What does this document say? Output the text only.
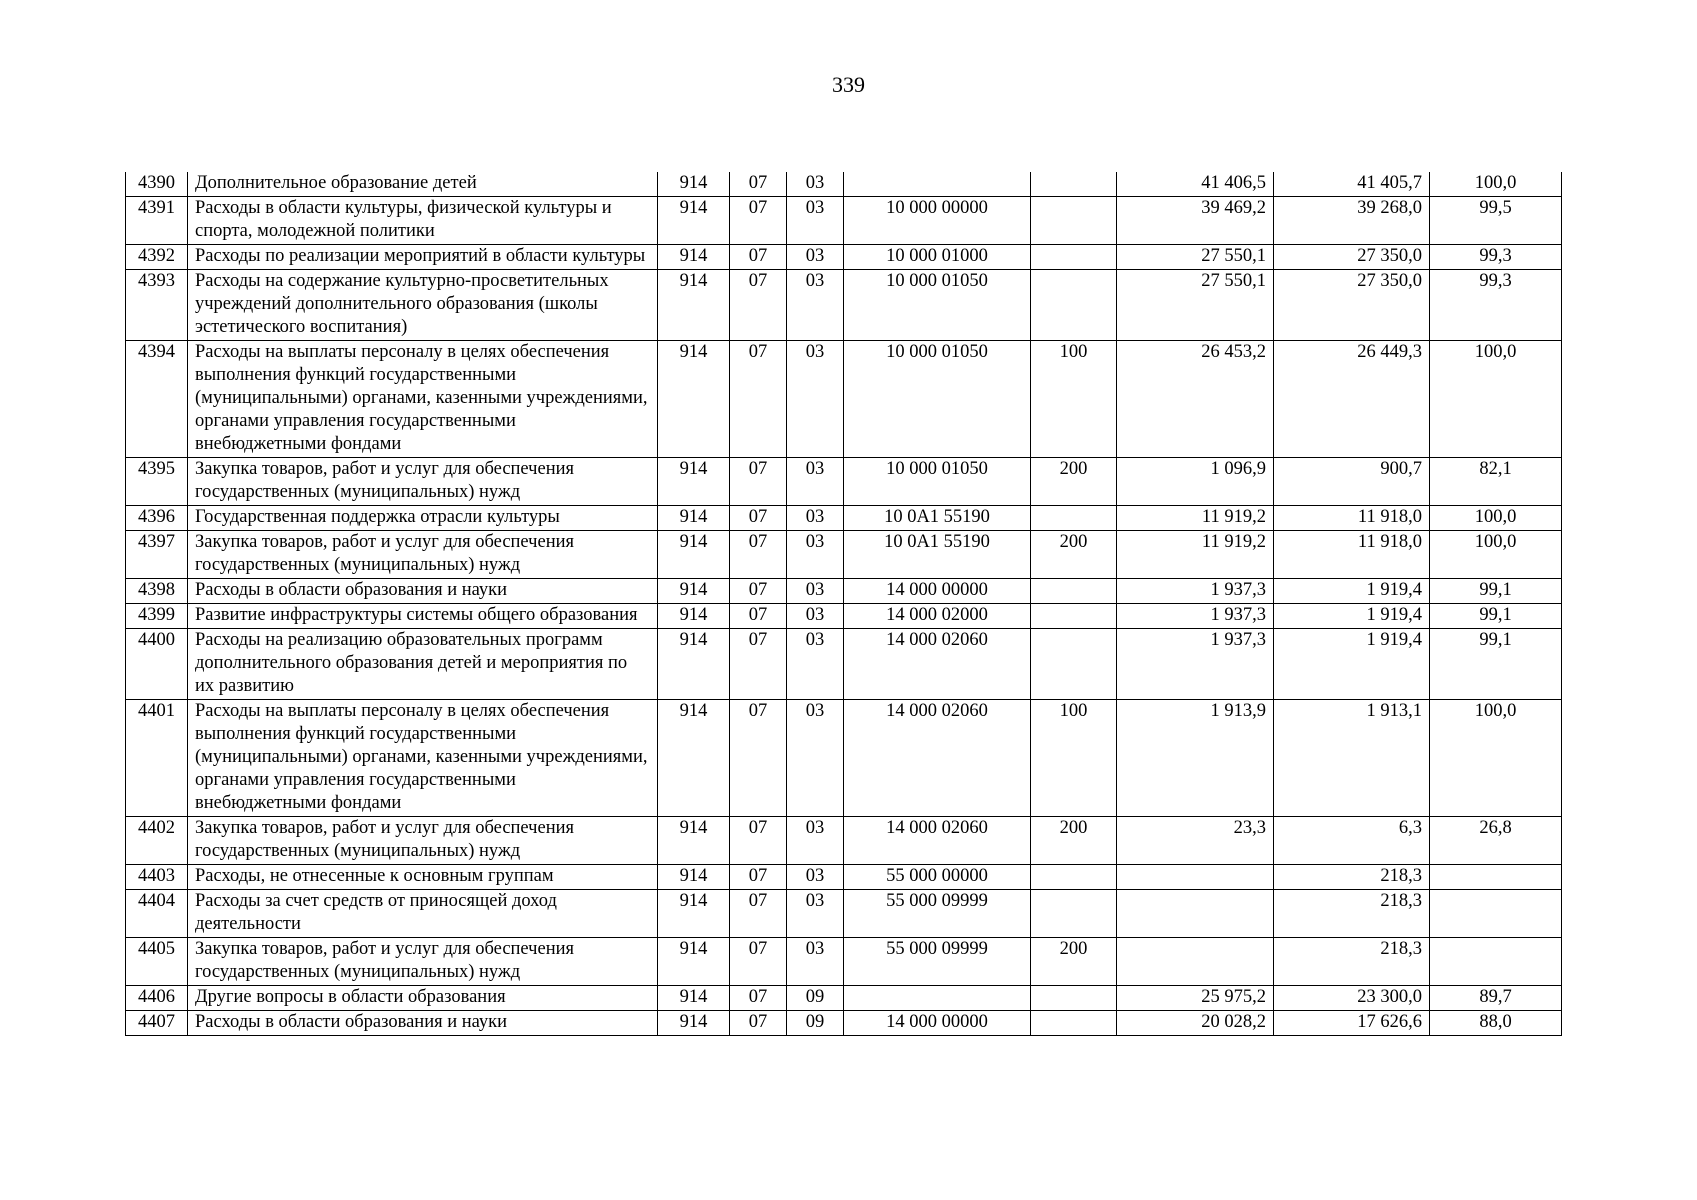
339
4390	Дополнительное образование детей	914	07	03			41 406,5	41 405,7	100,0
4391	Расходы в области культуры, физической культуры и спорта, молодежной политики	914	07	03	10 000 00000		39 469,2	39 268,0	99,5
4392	Расходы по реализации мероприятий в области культуры	914	07	03	10 000 01000		27 550,1	27 350,0	99,3
4393	Расходы на содержание культурно-просветительных учреждений дополнительного образования (школы эстетического воспитания)	914	07	03	10 000 01050		27 550,1	27 350,0	99,3
4394	Расходы на выплаты персоналу в целях обеспечения выполнения функций государственными (муниципальными) органами, казенными учреждениями, органами управления государственными внебюджетными фондами	914	07	03	10 000 01050	100	26 453,2	26 449,3	100,0
4395	Закупка товаров, работ и услуг для обеспечения государственных (муниципальных) нужд	914	07	03	10 000 01050	200	1 096,9	900,7	82,1
4396	Государственная поддержка отрасли культуры	914	07	03	10 0A1 55190		11 919,2	11 918,0	100,0
4397	Закупка товаров, работ и услуг для обеспечения государственных (муниципальных) нужд	914	07	03	10 0A1 55190	200	11 919,2	11 918,0	100,0
4398	Расходы в области образования и науки	914	07	03	14 000 00000		1 937,3	1 919,4	99,1
4399	Развитие инфраструктуры системы общего образования	914	07	03	14 000 02000		1 937,3	1 919,4	99,1
4400	Расходы на реализацию образовательных программ дополнительного образования детей и мероприятия по их развитию	914	07	03	14 000 02060		1 937,3	1 919,4	99,1
4401	Расходы на выплаты персоналу в целях обеспечения выполнения функций государственными (муниципальными) органами, казенными учреждениями, органами управления государственными внебюджетными фондами	914	07	03	14 000 02060	100	1 913,9	1 913,1	100,0
4402	Закупка товаров, работ и услуг для обеспечения государственных (муниципальных) нужд	914	07	03	14 000 02060	200	23,3	6,3	26,8
4403	Расходы, не отнесенные к основным группам	914	07	03	55 000 00000			218,3	
4404	Расходы за счет средств от приносящей доход деятельности	914	07	03	55 000 09999			218,3	
4405	Закупка товаров, работ и услуг для обеспечения государственных (муниципальных) нужд	914	07	03	55 000 09999	200		218,3	
4406	Другие вопросы в области образования	914	07	09			25 975,2	23 300,0	89,7
4407	Расходы в области образования и науки	914	07	09	14 000 00000		20 028,2	17 626,6	88,0
